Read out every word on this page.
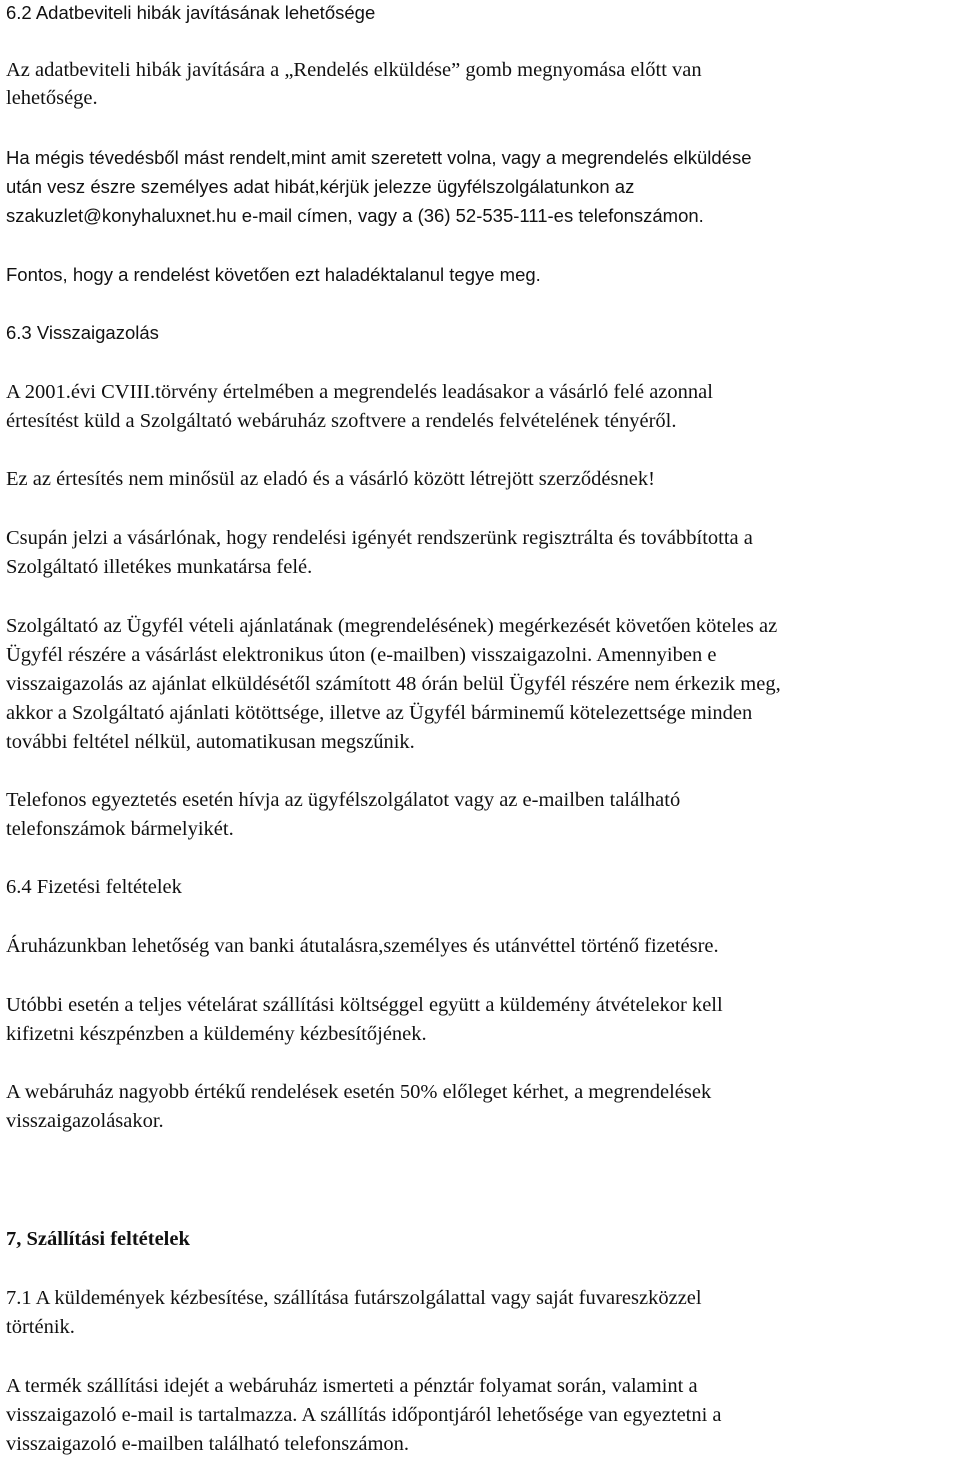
6.2 Adatbeviteli hibák javításának lehetősége
Az adatbeviteli hibák javítására a „Rendelés elküldése” gomb megnyomása előtt van
lehetősége.
Ha mégis tévedésből mást rendelt,mint amit szeretett volna, vagy a megrendelés elküldése
után vesz észre személyes adat hibát,kérjük jelezze ügyfélszolgálatunkon az
szakuzlet@konyhaluxnet.hu e-mail címen, vagy a (36) 52-535-111-es telefonszámon.
Fontos, hogy a rendelést követően ezt haladéktalanul tegye meg.
6.3 Visszaigazolás
A 2001.évi CVIII.törvény értelmében a megrendelés leadásakor a vásárló felé azonnal
értesítést küld a Szolgáltató webáruház szoftvere a rendelés felvételének tényéről.
Ez az értesítés nem minősül az eladó és a vásárló között létrejött szerződésnek!
Csupán jelzi a vásárlónak, hogy rendelési igényét rendszerünk regisztrálta és továbbította a
Szolgáltató illetékes munkatársa felé.
Szolgáltató az Ügyfél vételi ajánlatának (megrendelésének) megérkezését követően köteles az
Ügyfél részére a vásárlást elektronikus úton (e-mailben) visszaigazolni. Amennyiben e
visszaigazolás az ajánlat elküldésétől számított 48 órán belül Ügyfél részére nem érkezik meg,
akkor a Szolgáltató ajánlati kötöttsége, illetve az Ügyfél bárminemű kötelezettsége minden
további feltétel nélkül, automatikusan megszűnik.
Telefonos egyeztetés esetén hívja az ügyfélszolgálatot vagy az e-mailben található
telefonszámok bármelyikét.
6.4 Fizetési feltételek
Áruházunkban lehetőség van banki átutalásra,személyes és utánvéttel történő fizetésre.
Utóbbi esetén a teljes vételárat szállítási költséggel együtt a küldemény átvételekor kell
kifizetni készpénzben a küldemény kézbesítőjének.
A webáruház nagyobb értékű rendelések esetén 50% előleget kérhet, a megrendelések
visszaigazolásakor.
7, Szállítási feltételek
7.1 A küldemények kézbesítése, szállítása futárszolgálattal vagy saját fuvareszközzel
történik.
A termék szállítási idejét a webáruház ismerteti a pénztár folyamat során, valamint a
visszaigazoló e-mail is tartalmazza. A szállítás időpontjáról lehetősége van egyeztetni a
visszaigazoló e-mailben található telefonszámon.
